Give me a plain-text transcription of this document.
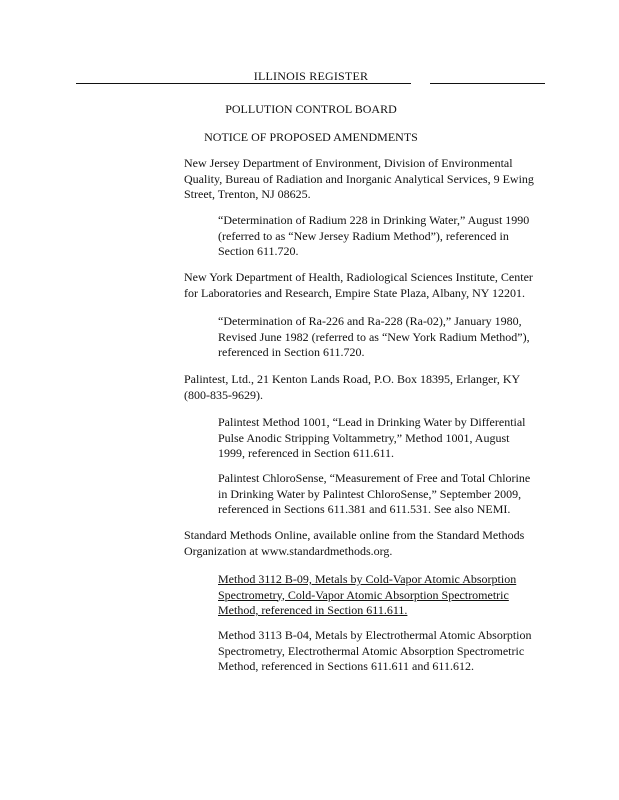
ILLINOIS REGISTER
POLLUTION CONTROL BOARD
NOTICE OF PROPOSED AMENDMENTS
New Jersey Department of Environment, Division of Environmental Quality, Bureau of Radiation and Inorganic Analytical Services, 9 Ewing Street, Trenton, NJ 08625.
“Determination of Radium 228 in Drinking Water,” August 1990 (referred to as “New Jersey Radium Method”), referenced in Section 611.720.
New York Department of Health, Radiological Sciences Institute, Center for Laboratories and Research, Empire State Plaza, Albany, NY 12201.
“Determination of Ra-226 and Ra-228 (Ra-02),” January 1980, Revised June 1982 (referred to as “New York Radium Method”), referenced in Section 611.720.
Palintest, Ltd., 21 Kenton Lands Road, P.O. Box 18395, Erlanger, KY (800-835-9629).
Palintest Method 1001, “Lead in Drinking Water by Differential Pulse Anodic Stripping Voltammetry,” Method 1001, August 1999, referenced in Section 611.611.
Palintest ChloroSense, “Measurement of Free and Total Chlorine in Drinking Water by Palintest ChloroSense,” September 2009, referenced in Sections 611.381 and 611.531. See also NEMI.
Standard Methods Online, available online from the Standard Methods Organization at www.standardmethods.org.
Method 3112 B-09, Metals by Cold-Vapor Atomic Absorption Spectrometry, Cold-Vapor Atomic Absorption Spectrometric Method, referenced in Section 611.611.
Method 3113 B-04, Metals by Electrothermal Atomic Absorption Spectrometry, Electrothermal Atomic Absorption Spectrometric Method, referenced in Sections 611.611 and 611.612.
